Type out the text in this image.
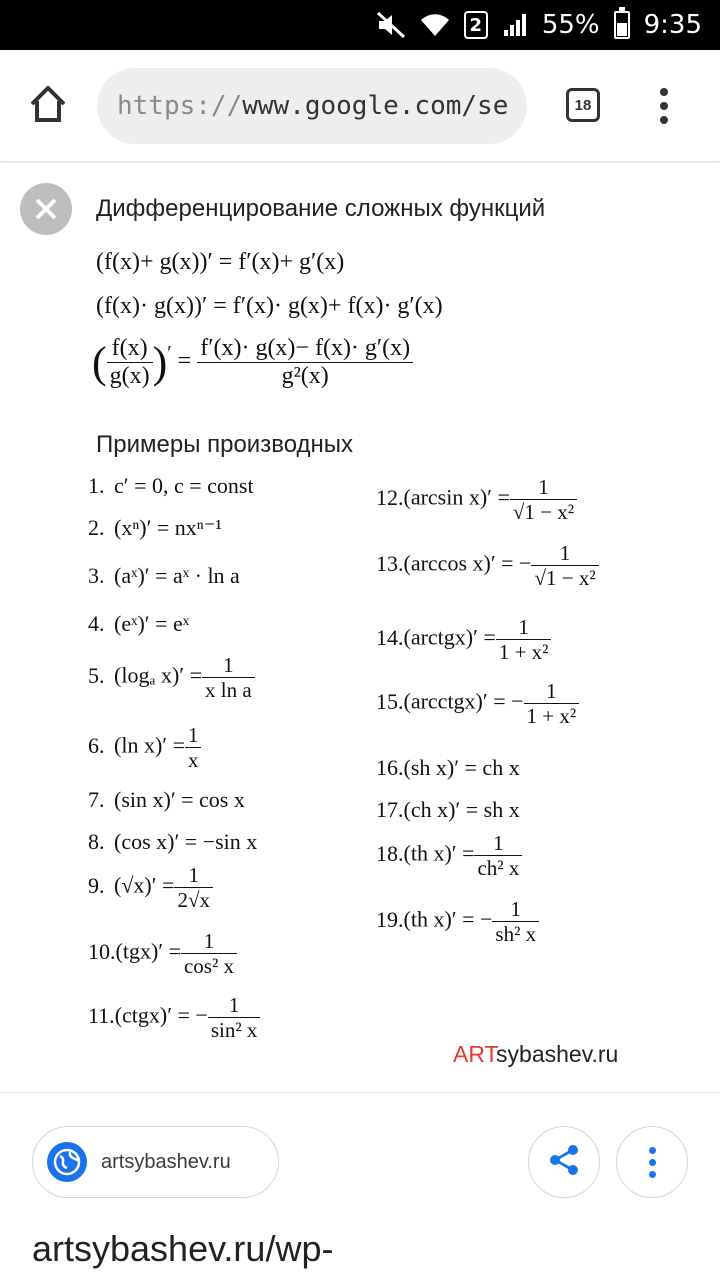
2 55% 9:35
https://www.google.com/se	18
Дифференцирование сложных функций
(f(x)+ g(x))′ = f′(x)+ g′(x)
(f(x)· g(x))′ = f′(x)· g(x)+ f(x)· g′(x)
( $\frac{f(x)}{g(x)} )' = \frac{f'(x)\cdot g(x)- f(x)\cdot g'(x)}{\text{g²(x)}}$
Примеры производных
1.c′ = 0, c = const
2.(xⁿ)′ = nxⁿ⁻¹
3.(aˣ)′ = aˣ · ln a
4.(eˣ)′ = eˣ
5.(logₐ $x)' = \frac{1}{\text{x ln a}}$
6.(ln $x)' = \frac{1}{x}$
7.(sin x)′ = cos x
8.(cos x)′ = −sin x
$9.(√x)' = \frac{1}{2√x}$
$10.(tgx)' = \frac{1}{\text{cos² x}}$
11.(ctgx)′ = − $\frac{1}{\text{sin² x}}$
12.(arcsin $x)' = \frac{1}{\text{√1 − x²}}$
13.(arccos x)′ = − $\frac{1}{\text{√1 − x²}}$
14.(arctgx)′ = $\frac{1}{\text{1 + x²}}$
15.(arcctgx)′ = − $\frac{1}{\text{1 + x²}}$
16.(sh x)′ = ch x
17.(ch x)′ = sh x
18.(th $x)' = \frac{1}{\text{ch² x}}$
19.(th x)′ = − $\frac{1}{\text{sh² x}}$
ARTsybashev.ru
artsybashev.ru
artsybashev.ru/wp-
